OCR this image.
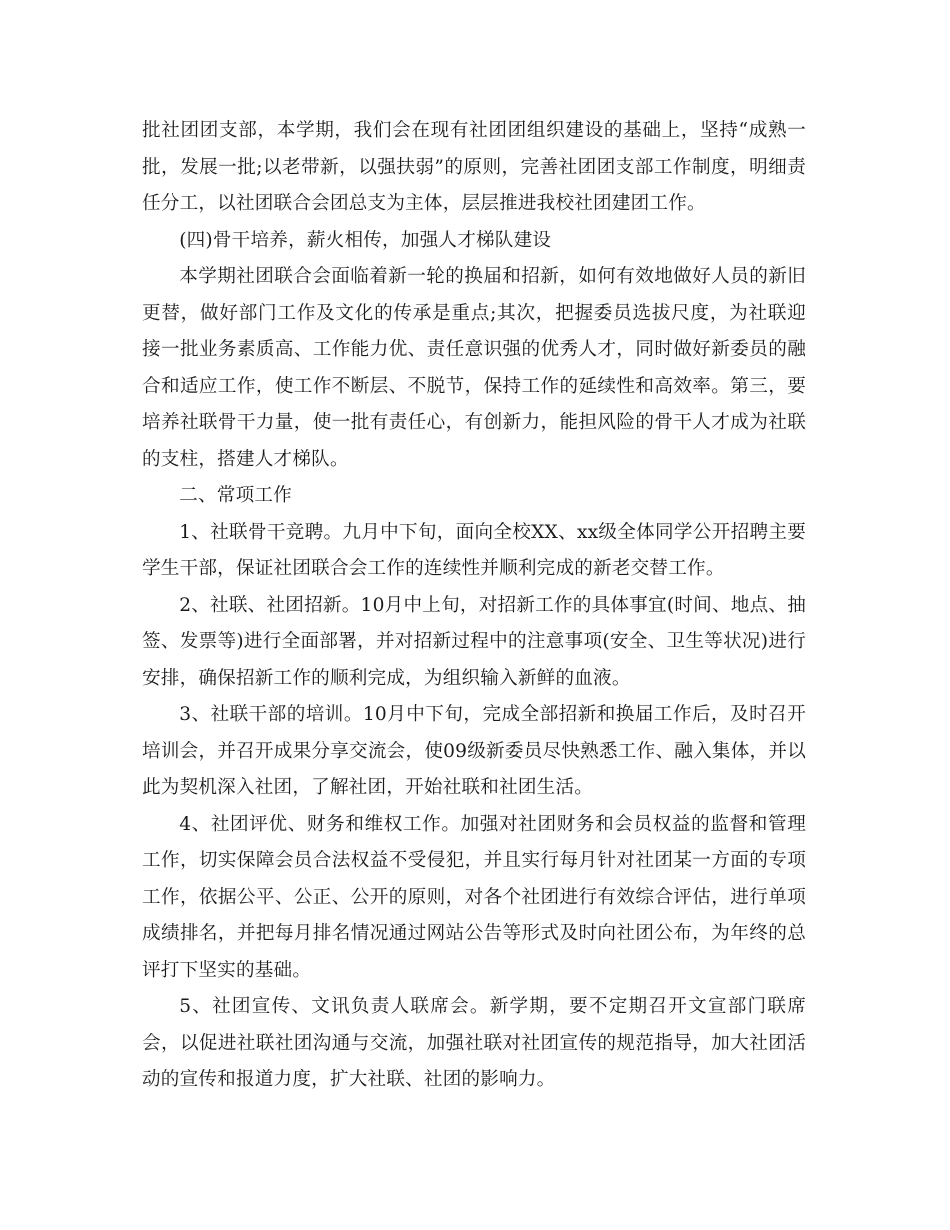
批社团团支部，本学期，我们会在现有社团团组织建设的基础上，坚持“成熟一批，发展一批;以老带新，以强扶弱”的原则，完善社团团支部工作制度，明细责任分工，以社团联合会团总支为主体，层层推进我校社团建团工作。

(四)骨干培养，薪火相传，加强人才梯队建设

本学期社团联合会面临着新一轮的换届和招新，如何有效地做好人员的新旧更替，做好部门工作及文化的传承是重点;其次，把握委员选拔尺度，为社联迎接一批业务素质高、工作能力优、责任意识强的优秀人才，同时做好新委员的融合和适应工作，使工作不断层、不脱节，保持工作的延续性和高效率。第三，要培养社联骨干力量，使一批有责任心，有创新力，能担风险的骨干人才成为社联的支柱，搭建人才梯队。

二、常项工作

1、社联骨干竞聘。九月中下旬，面向全校XX、xx级全体同学公开招聘主要学生干部，保证社团联合会工作的连续性并顺利完成的新老交替工作。

2、社联、社团招新。10月中上旬，对招新工作的具体事宜(时间、地点、抽签、发票等)进行全面部署，并对招新过程中的注意事项(安全、卫生等状况)进行安排，确保招新工作的顺利完成，为组织输入新鲜的血液。

3、社联干部的培训。10月中下旬，完成全部招新和换届工作后，及时召开培训会，并召开成果分享交流会，使09级新委员尽快熟悉工作、融入集体，并以此为契机深入社团，了解社团，开始社联和社团生活。

4、社团评优、财务和维权工作。加强对社团财务和会员权益的监督和管理工作，切实保障会员合法权益不受侵犯，并且实行每月针对社团某一方面的专项工作，依据公平、公正、公开的原则，对各个社团进行有效综合评估，进行单项成绩排名，并把每月排名情况通过网站公告等形式及时向社团公布，为年终的总评打下坚实的基础。

5、社团宣传、文讯负责人联席会。新学期，要不定期召开文宣部门联席会，以促进社联社团沟通与交流，加强社联对社团宣传的规范指导，加大社团活动的宣传和报道力度，扩大社联、社团的影响力。
